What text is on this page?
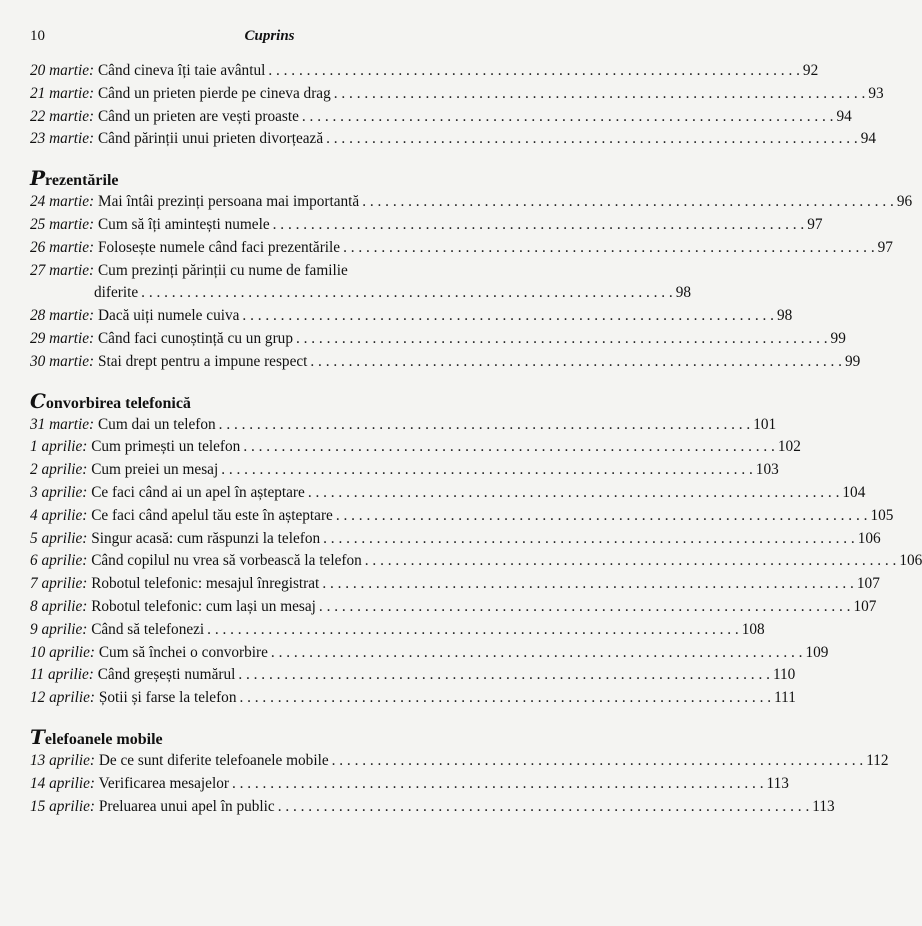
10	Cuprins
20 martie: Când cineva îți taie avântul . . .	92
21 martie: Când un prieten pierde pe cineva drag . . .	93
22 martie: Când un prieten are vești proaste . . .	94
23 martie: Când părinții unui prieten divorțează . . .	94
Prezentările
24 martie: Mai întâi prezinți persoana mai importantă . . .	96
25 martie: Cum să îți amintești numele . . .	97
26 martie: Folosește numele când faci prezentările . . .	97
27 martie: Cum prezinți părinții cu nume de familie
diferite . . .	98
28 martie: Dacă uiți numele cuiva . . .	98
29 martie: Când faci cunoștință cu un grup . . .	99
30 martie: Stai drept pentru a impune respect . . .	99
Convorbirea telefonică
31 martie: Cum dai un telefon . . .	101
1 aprilie: Cum primești un telefon . . .	102
2 aprilie: Cum preiei un mesaj . . .	103
3 aprilie: Ce faci când ai un apel în așteptare . . .	104
4 aprilie: Ce faci când apelul tău este în așteptare . . .	105
5 aprilie: Singur acasă: cum răspunzi la telefon . . .	106
6 aprilie: Când copilul nu vrea să vorbească la telefon . . .	106
7 aprilie: Robotul telefonic: mesajul înregistrat . . .	107
8 aprilie: Robotul telefonic: cum lași un mesaj . . .	107
9 aprilie: Când să telefonezi . . .	108
10 aprilie: Cum să închei o convorbire . . .	109
11 aprilie: Când greșești numărul . . .	110
12 aprilie: Șotii și farse la telefon . . .	111
Telefoanele mobile
13 aprilie: De ce sunt diferite telefoanele mobile . . .	112
14 aprilie: Verificarea mesajelor . . .	113
15 aprilie: Preluarea unui apel în public . . .	113
